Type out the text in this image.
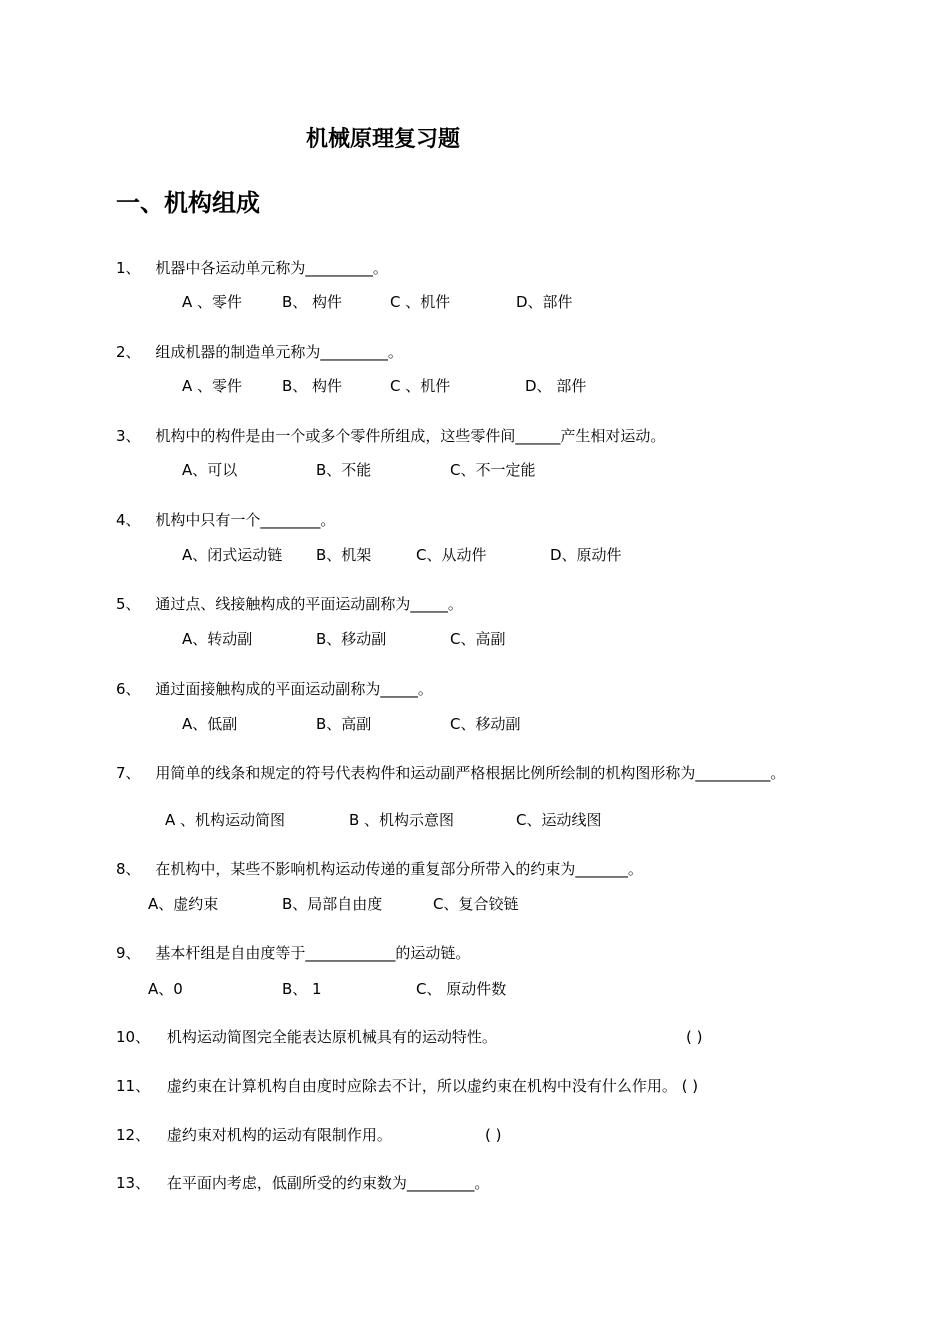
机械原理复习题
一、机构组成
1、 机器中各运动单元称为_________。
A 、零件	B、 构件	C 、机件	D、部件
2、 组成机器的制造单元称为_________。
A 、零件	B、 构件	C 、机件	D、 部件
3、 机构中的构件是由一个或多个零件所组成，这些零件间______产生相对运动。
A、可以	B、不能	C、不一定能
4、 机构中只有一个________。
A、闭式运动链 B、机架	C、从动件	D、原动件
5、 通过点、线接触构成的平面运动副称为_____。
A、转动副	B、移动副	C、高副
6、 通过面接触构成的平面运动副称为_____。
A、低副	B、高副	C、移动副
7、 用简单的线条和规定的符号代表构件和运动副严格根据比例所绘制的机构图形称为__________。
A 、机构运动简图	B 、机构示意图	C、运动线图
8、 在机构中，某些不影响机构运动传递的重复部分所带入的约束为_______。
A、虚约束	B、局部自由度	C、复合铰链
9、 基本杆组是自由度等于____________的运动链。
A、0	B、 1	C、 原动件数
10、 机构运动简图完全能表达原机械具有的运动特性。	( )
11、 虚约束在计算机构自由度时应除去不计，所以虚约束在机构中没有什么作用。 ( )
12、 虚约束对机构的运动有限制作用。	( )
13、 在平面内考虑，低副所受的约束数为_________。
